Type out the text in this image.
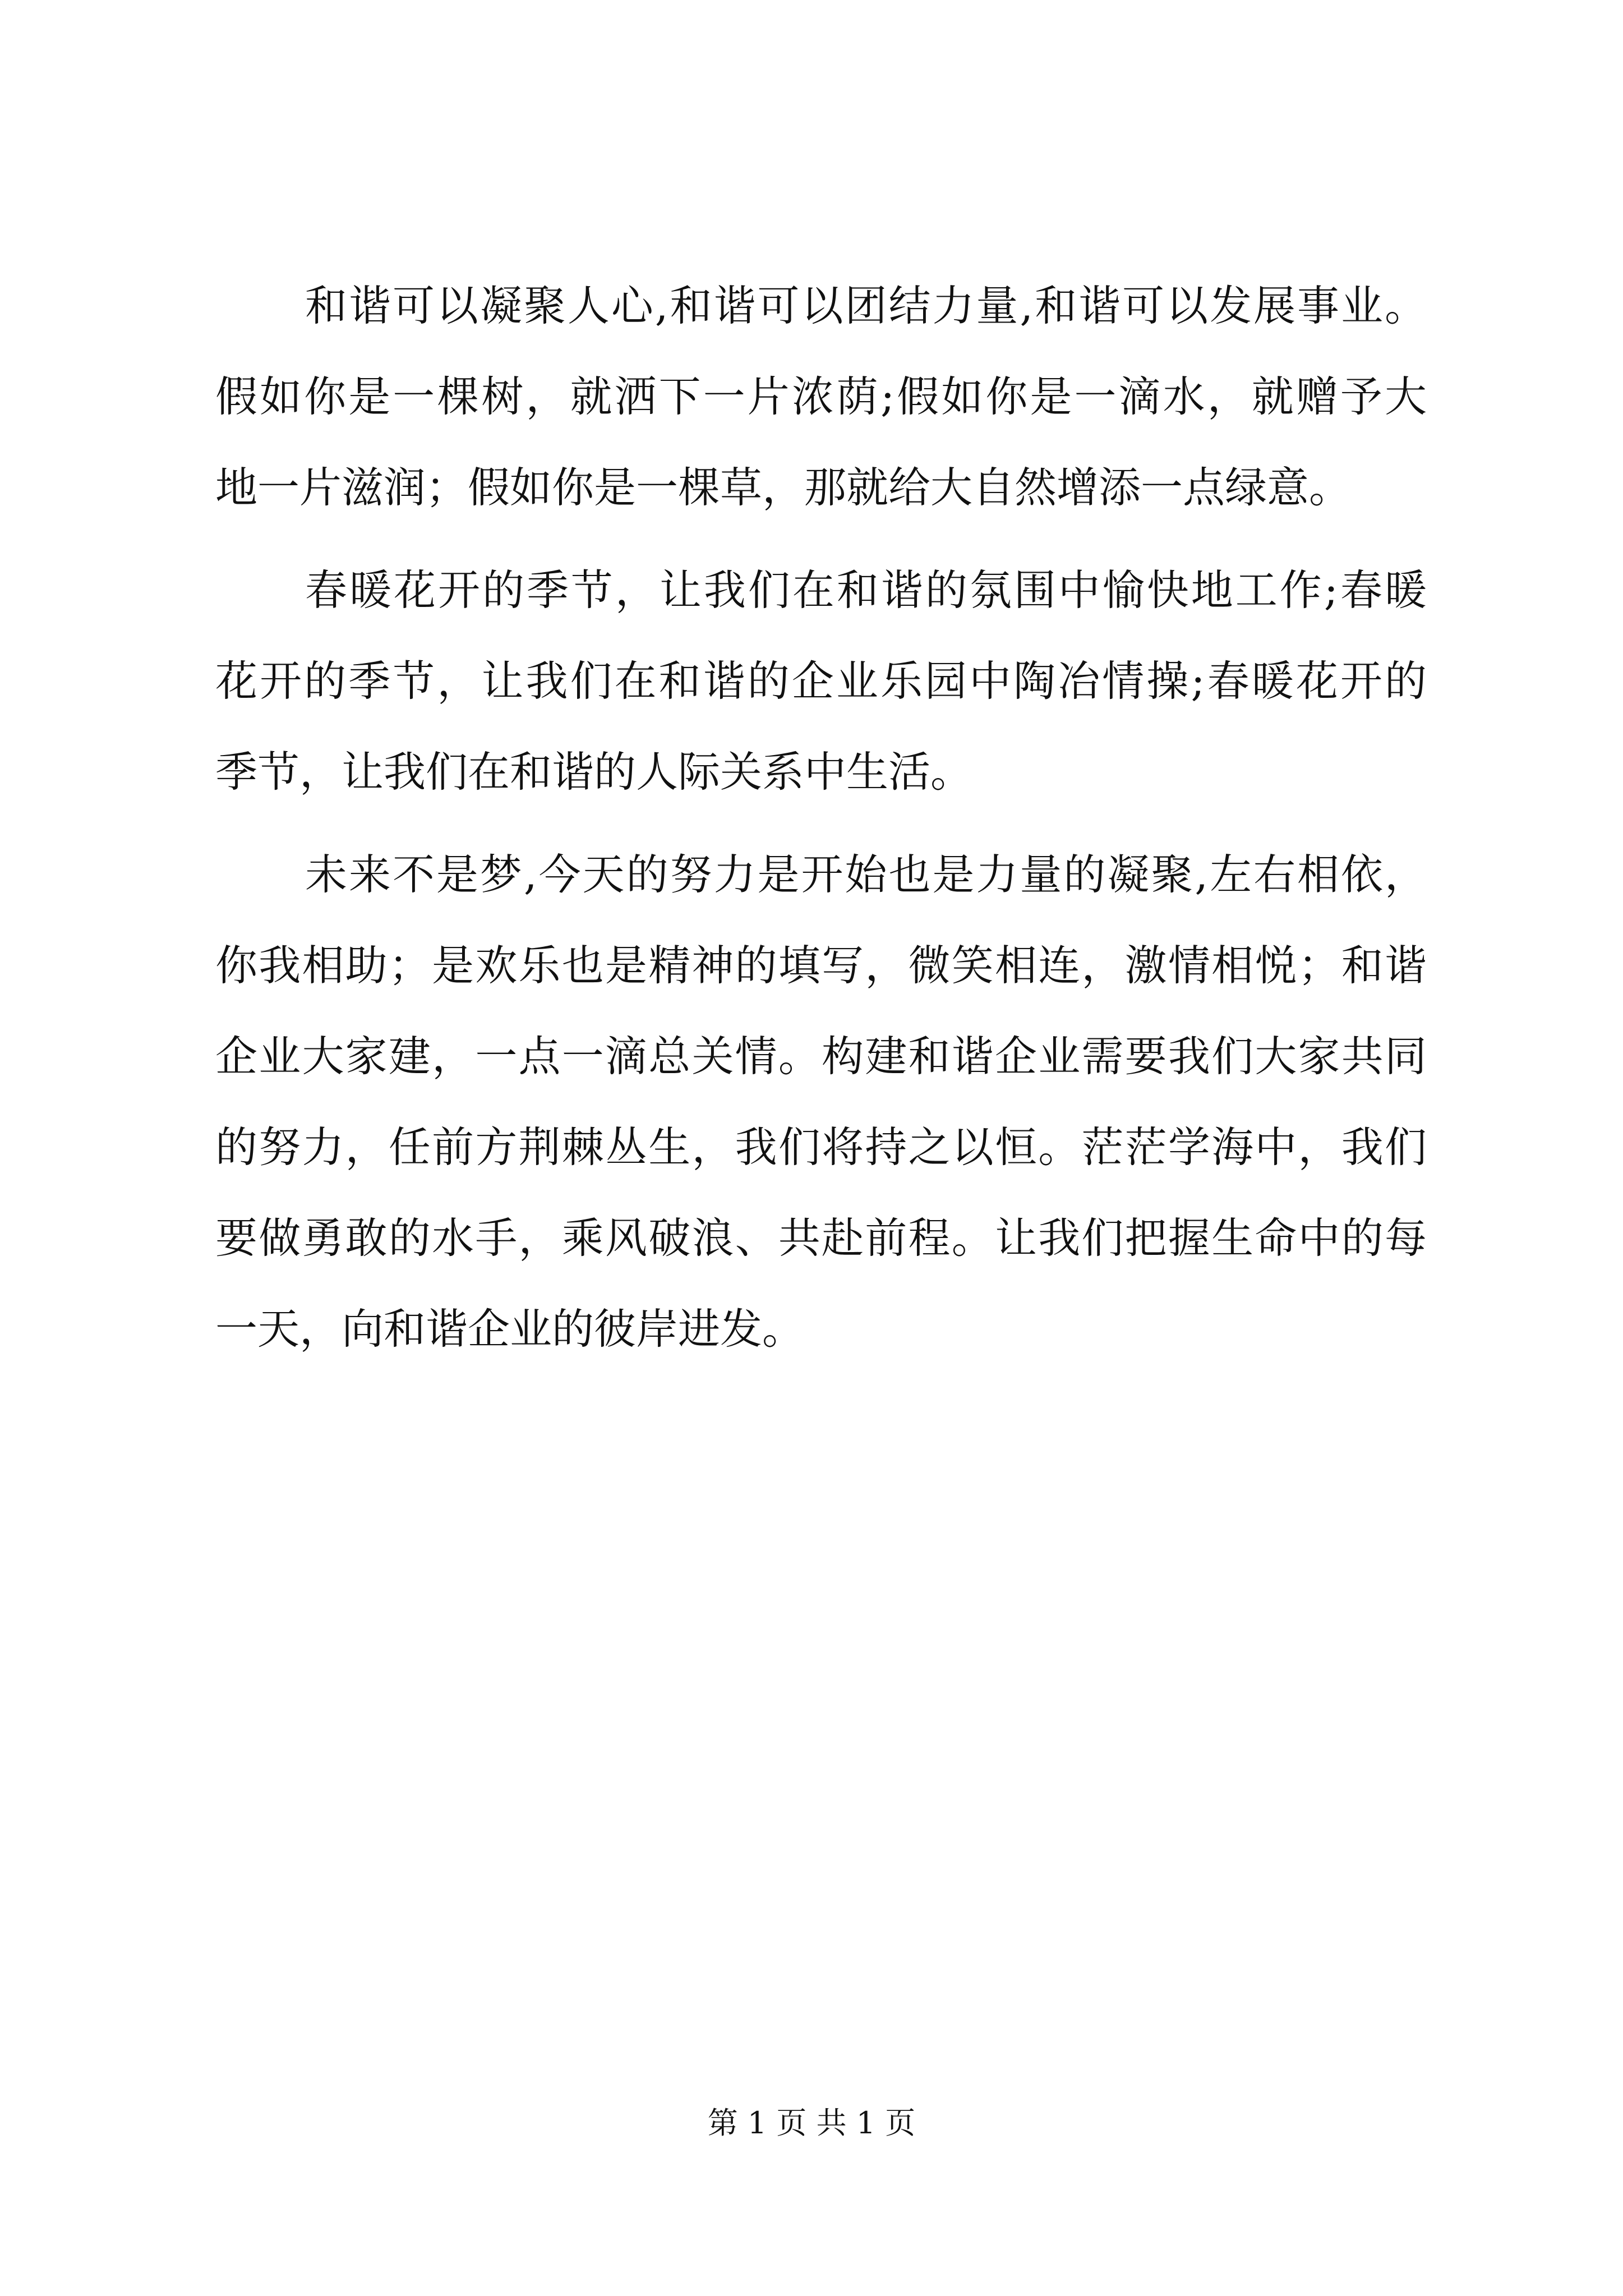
和谐可以凝聚人心,和谐可以团结力量,和谐可以发展事业。
假如你是一棵树，就洒下一片浓荫;假如你是一滴水，就赠予大
地一片滋润；假如你是一棵草，那就给大自然增添一点绿意。
春暖花开的季节，让我们在和谐的氛围中愉快地工作;春暖
花开的季节，让我们在和谐的企业乐园中陶冶情操;春暖花开的
季节，让我们在和谐的人际关系中生活。
未来不是梦,今天的努力是开始也是力量的凝聚,左右相依，
你我相助；是欢乐也是精神的填写，微笑相连，激情相悦；和谐
企业大家建，一点一滴总关情。构建和谐企业需要我们大家共同
的努力，任前方荆棘丛生，我们将持之以恒。茫茫学海中，我们
要做勇敢的水手，乘风破浪、共赴前程。让我们把握生命中的每
一天，向和谐企业的彼岸进发。
第 1 页 共 1 页
